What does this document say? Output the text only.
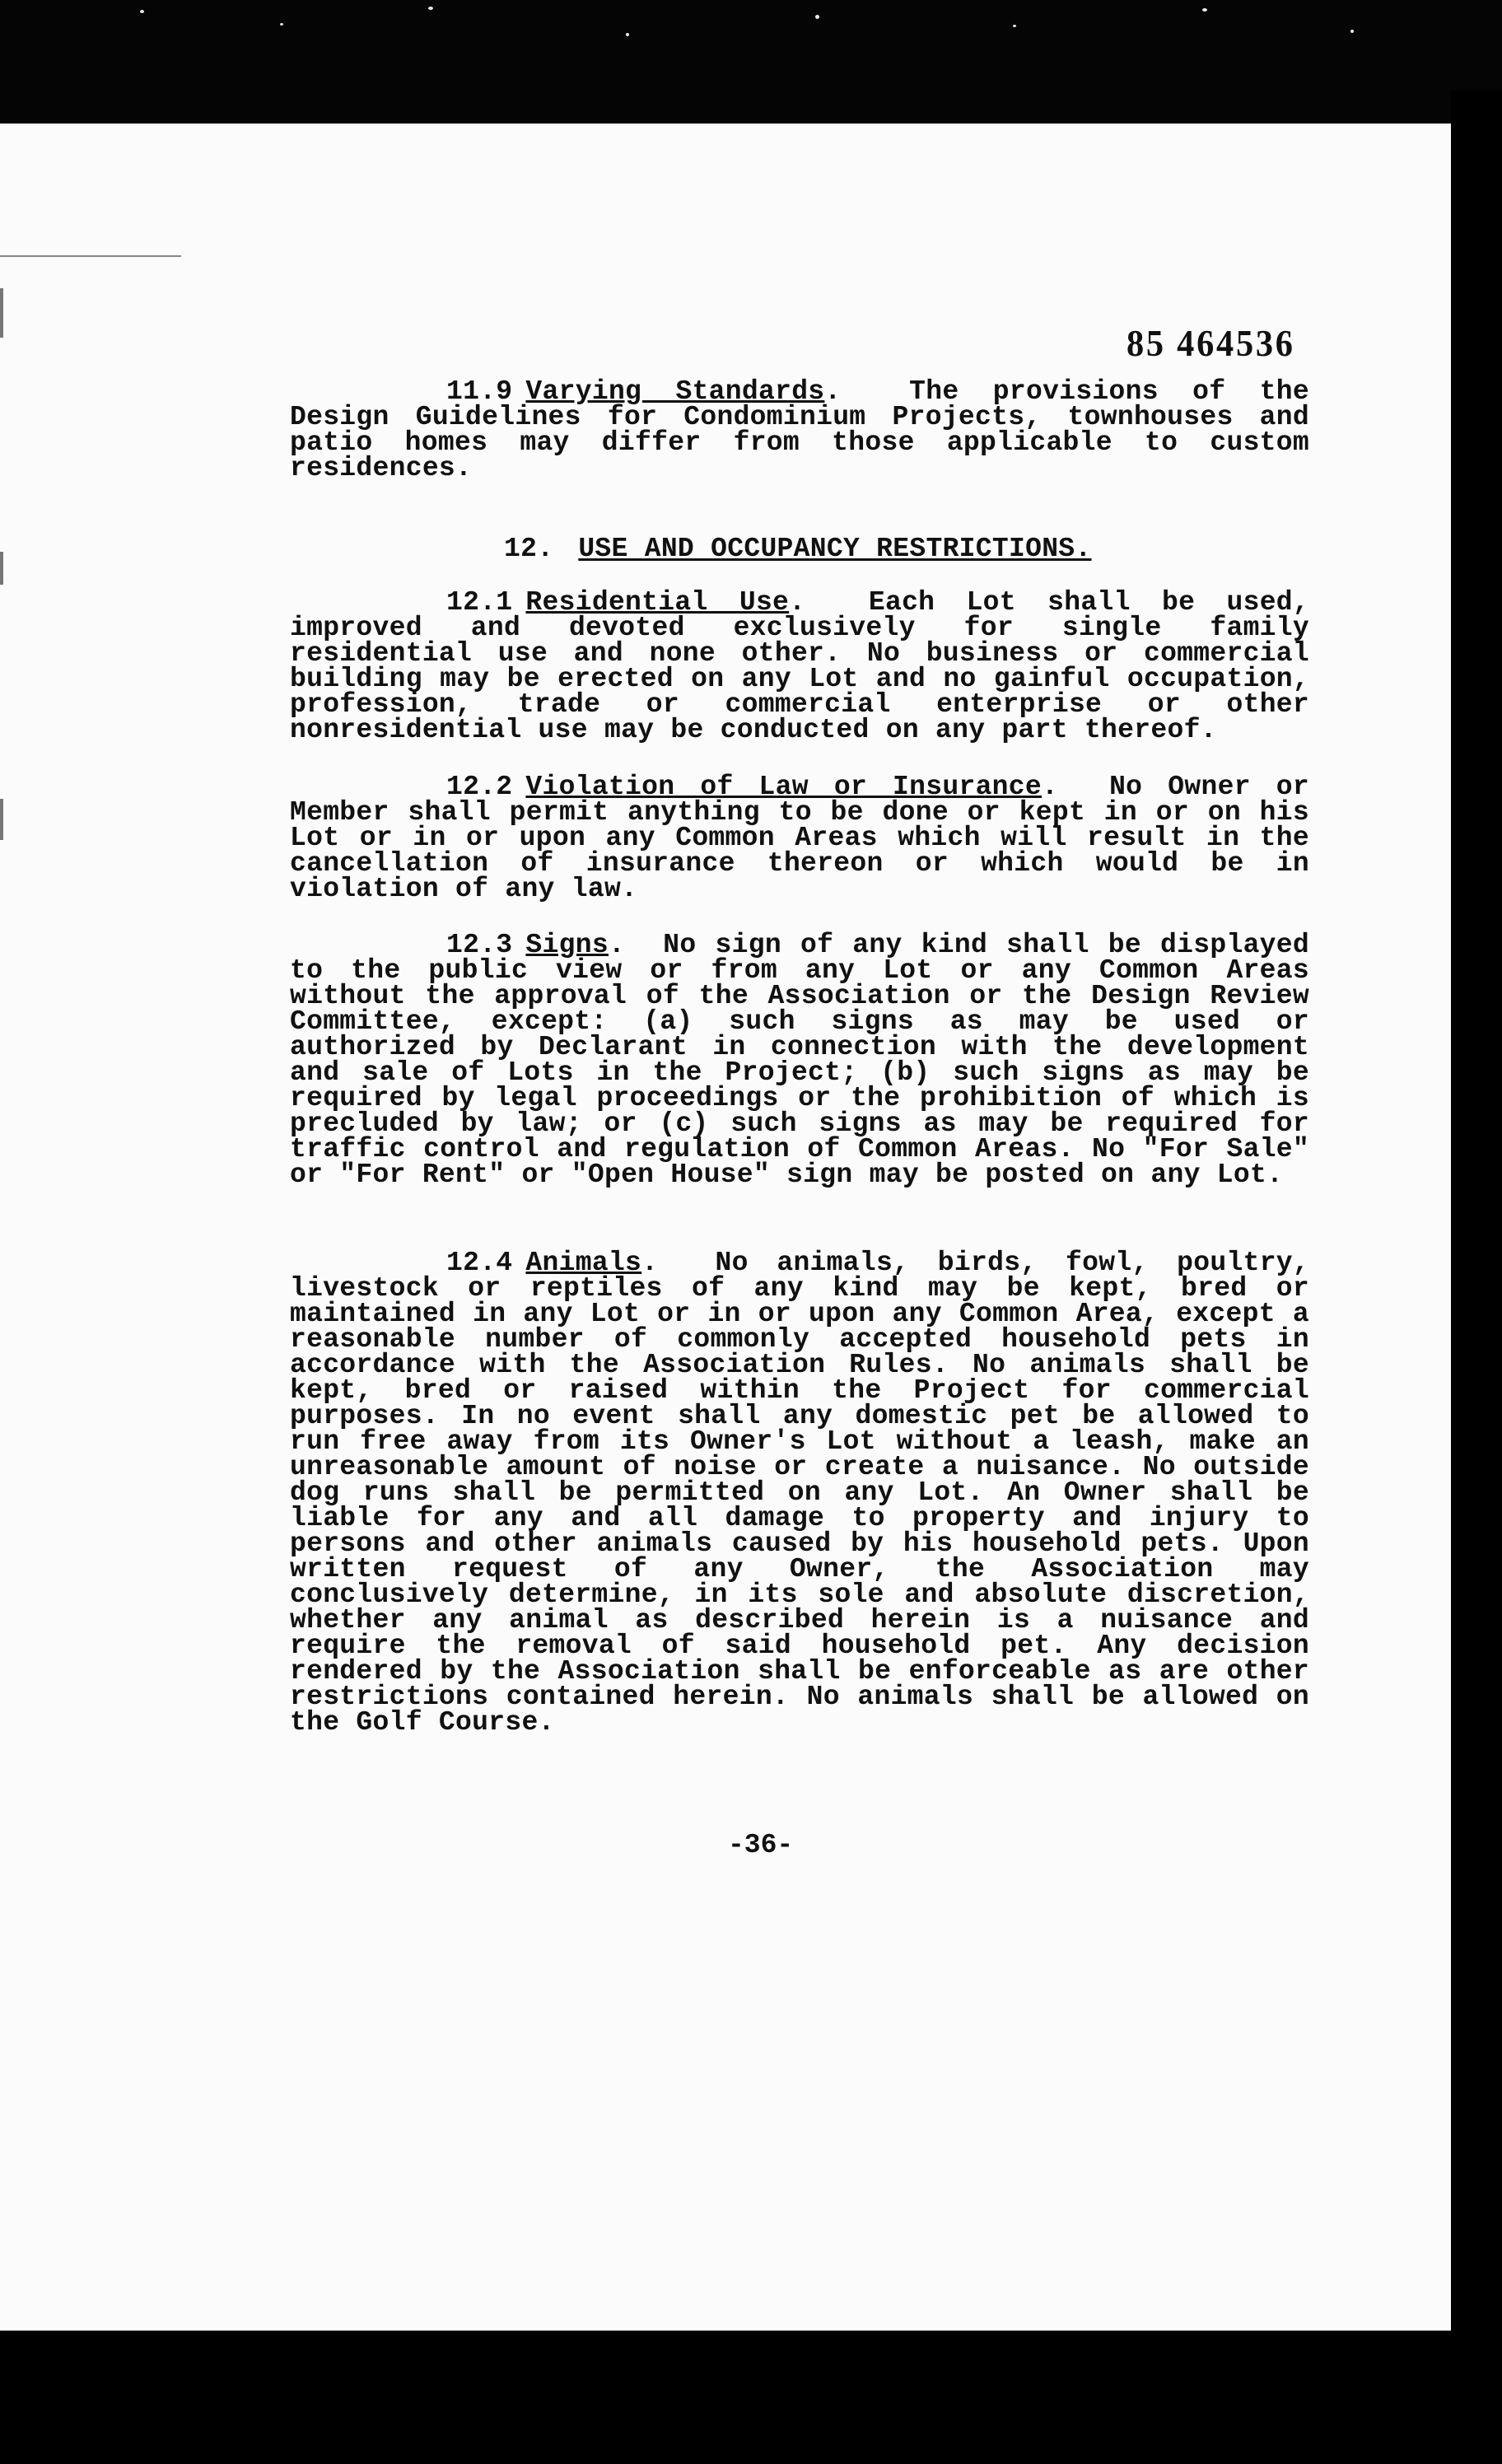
85 464536
11.9 Varying Standards.  The provisions of the Design Guidelines for Condominium Projects, townhouses and patio homes may differ from those applicable to custom residences.
12. USE AND OCCUPANCY RESTRICTIONS.
12.1 Residential Use.  Each Lot shall be used, improved and devoted exclusively for single family residential use and none other. No business or commercial building may be erected on any Lot and no gainful occupation, profession, trade or commercial enterprise or other nonresidential use may be conducted on any part thereof.
12.2 Violation of Law or Insurance.  No Owner or Member shall permit anything to be done or kept in or on his Lot or in or upon any Common Areas which will result in the cancellation of insurance thereon or which would be in violation of any law.
12.3 Signs.  No sign of any kind shall be displayed to the public view or from any Lot or any Common Areas without the approval of the Association or the Design Review Committee, except: (a) such signs as may be used or authorized by Declarant in connection with the development and sale of Lots in the Project; (b) such signs as may be required by legal proceedings or the prohibition of which is precluded by law; or (c) such signs as may be required for traffic control and regulation of Common Areas. No "For Sale" or "For Rent" or "Open House" sign may be posted on any Lot.
12.4 Animals.  No animals, birds, fowl, poultry, livestock or reptiles of any kind may be kept, bred or maintained in any Lot or in or upon any Common Area, except a reasonable number of commonly accepted household pets in accordance with the Association Rules. No animals shall be kept, bred or raised within the Project for commercial purposes. In no event shall any domestic pet be allowed to run free away from its Owner's Lot without a leash, make an unreasonable amount of noise or create a nuisance. No outside dog runs shall be permitted on any Lot. An Owner shall be liable for any and all damage to property and injury to persons and other animals caused by his household pets. Upon written request of any Owner, the Association may conclusively determine, in its sole and absolute discretion, whether any animal as described herein is a nuisance and require the removal of said household pet. Any decision rendered by the Association shall be enforceable as are other restrictions contained herein. No animals shall be allowed on the Golf Course.
-36-
